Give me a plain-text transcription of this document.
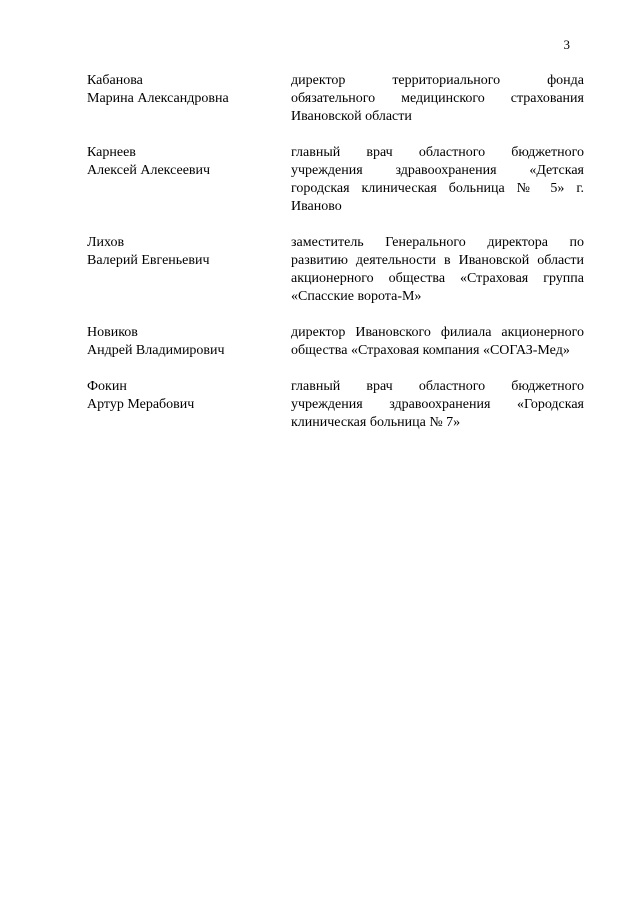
3
Кабанова
Марина Александровна
директор территориального фонда обязательного медицинского страхования Ивановской области
Карнеев
Алексей Алексеевич
главный врач областного бюджетного учреждения здравоохранения «Детская городская клиническая больница № 5» г. Иваново
Лихов
Валерий Евгеньевич
заместитель Генерального директора по развитию деятельности в Ивановской области акционерного общества «Страховая группа «Спасские ворота-М»
Новиков
Андрей Владимирович
директор Ивановского филиала акционерного общества «Страховая компания «СОГАЗ-Мед»
Фокин
Артур Мерабович
главный врач областного бюджетного учреждения здравоохранения «Городская клиническая больница № 7»
